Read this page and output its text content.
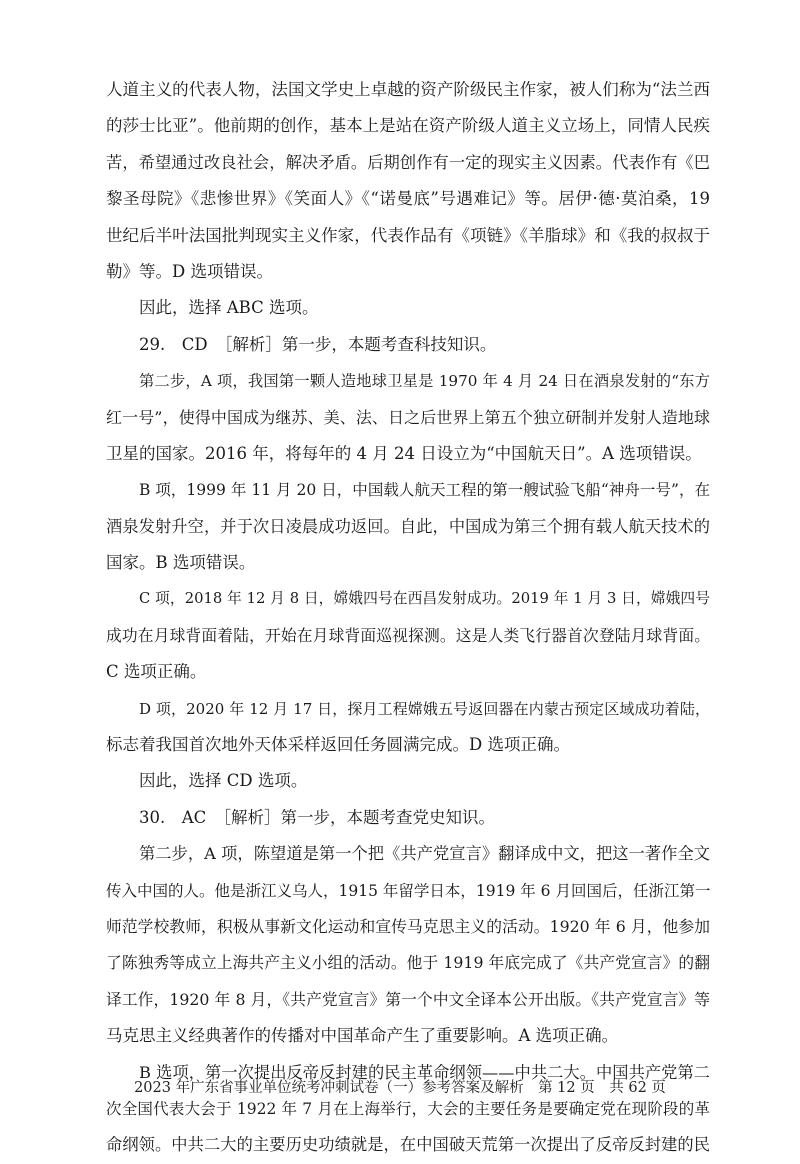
人道主义的代表人物，法国文学史上卓越的资产阶级民主作家，被人们称为“法兰西
的莎士比亚”。他前期的创作，基本上是站在资产阶级人道主义立场上，同情人民疾
苦，希望通过改良社会，解决矛盾。后期创作有一定的现实主义因素。代表作有《巴
黎圣母院》《悲惨世界》《笑面人》《“诺曼底”号遇难记》等。居伊·德·莫泊桑，19
世纪后半叶法国批判现实主义作家，代表作品有《项链》《羊脂球》和《我的叔叔于
勒》等。D 选项错误。
因此，选择 ABC 选项。
29.　CD　［解析］第一步，本题考查科技知识。
第二步，A 项，我国第一颗人造地球卫星是 1970 年 4 月 24 日在酒泉发射的“东方
红一号”，使得中国成为继苏、美、法、日之后世界上第五个独立研制并发射人造地球
卫星的国家。2016 年，将每年的 4 月 24 日设立为“中国航天日”。A 选项错误。
B 项，1999 年 11 月 20 日，中国载人航天工程的第一艘试验飞船“神舟一号”，在
酒泉发射升空，并于次日凌晨成功返回。自此，中国成为第三个拥有载人航天技术的
国家。B 选项错误。
C 项，2018 年 12 月 8 日，嫦娥四号在西昌发射成功。2019 年 1 月 3 日，嫦娥四号
成功在月球背面着陆，开始在月球背面巡视探测。这是人类飞行器首次登陆月球背面。
C 选项正确。
D 项，2020 年 12 月 17 日，探月工程嫦娥五号返回器在内蒙古预定区域成功着陆，
标志着我国首次地外天体采样返回任务圆满完成。D 选项正确。
因此，选择 CD 选项。
30.　AC　［解析］第一步，本题考查党史知识。
第二步，A 项，陈望道是第一个把《共产党宣言》翻译成中文，把这一著作全文
传入中国的人。他是浙江义乌人，1915 年留学日本，1919 年 6 月回国后，任浙江第一
师范学校教师，积极从事新文化运动和宣传马克思主义的活动。1920 年 6 月，他参加
了陈独秀等成立上海共产主义小组的活动。他于 1919 年底完成了《共产党宣言》的翻
译工作，1920 年 8 月，《共产党宣言》第一个中文全译本公开出版。《共产党宣言》等
马克思主义经典著作的传播对中国革命产生了重要影响。A 选项正确。
B 选项，第一次提出反帝反封建的民主革命纲领——中共二大。中国共产党第二
次全国代表大会于 1922 年 7 月在上海举行，大会的主要任务是要确定党在现阶段的革
命纲领。中共二大的主要历史功绩就是，在中国破天荒第一次提出了反帝反封建的民
2023 年广东省事业单位统考冲刺试卷（一）参考答案及解析　第 12 页　共 62 页
